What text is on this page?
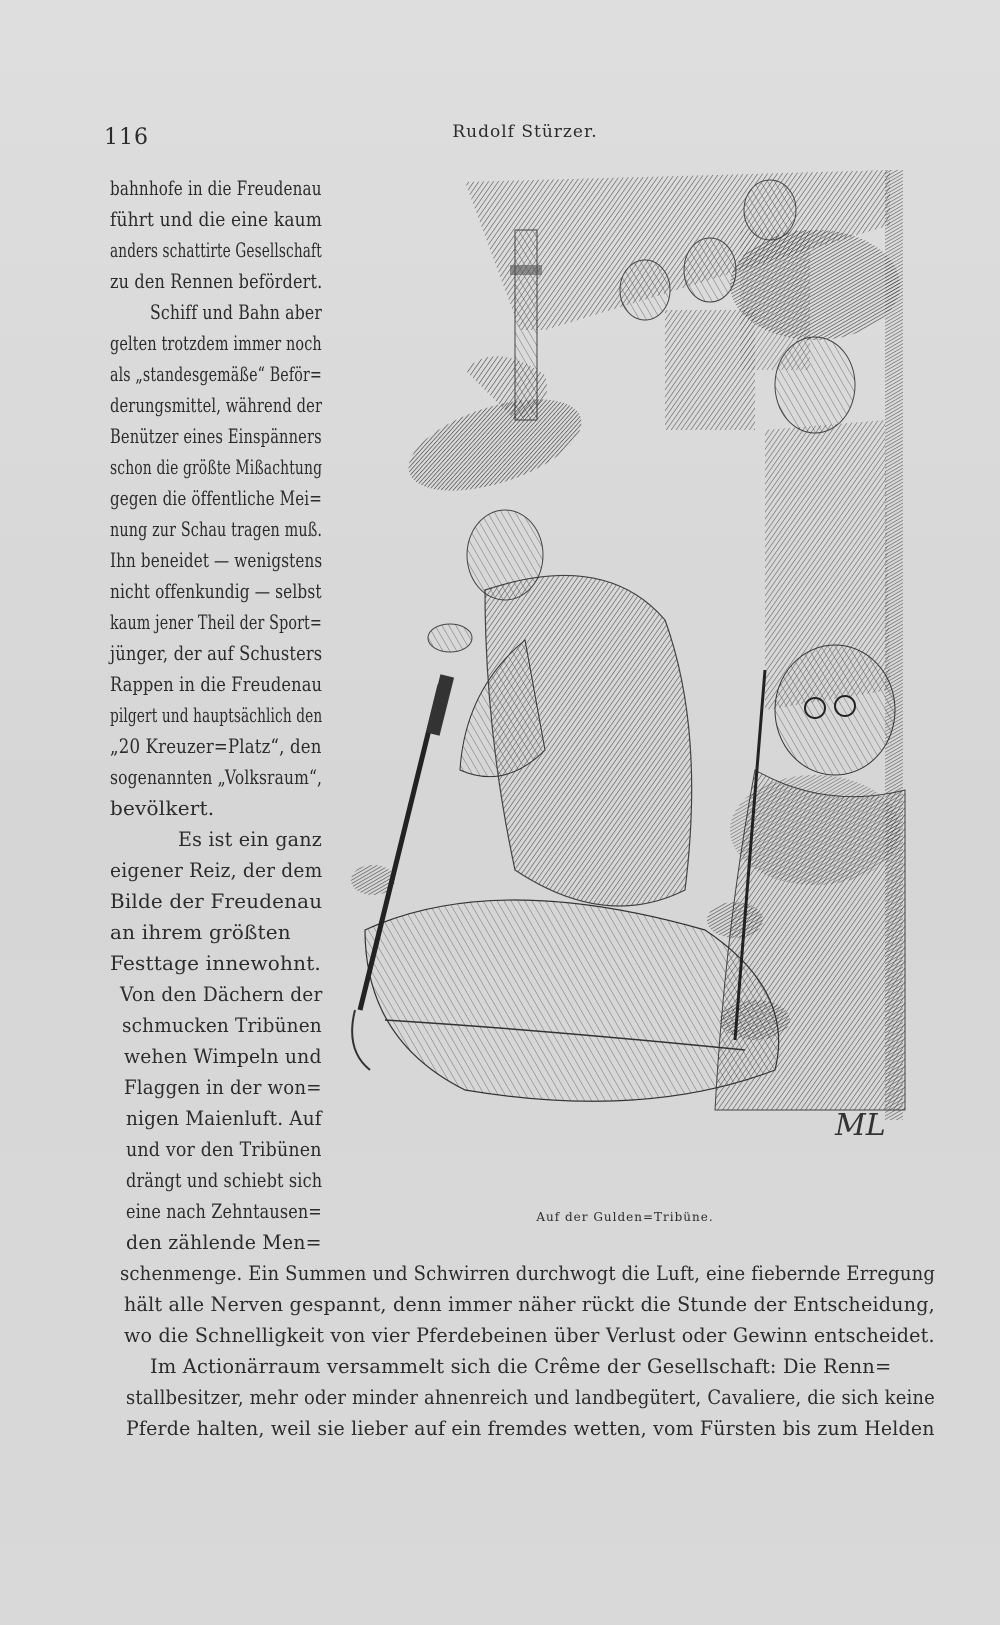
116	Rudolf Stürzer.
bahnhofe in die Freudenau
führt und die eine kaum
anders schattirte Gesellschaft
zu den Rennen befördert.
Schiff und Bahn aber
gelten trotzdem immer noch
als „standesgemäße“ Beför=
derungsmittel, während der
Benützer eines Einspänners
schon die größte Mißachtung
gegen die öffentliche Mei=
nung zur Schau tragen muß.
Ihn beneidet — wenigstens
nicht offenkundig — selbst
kaum jener Theil der Sport=
jünger, der auf Schusters
Rappen in die Freudenau
pilgert und hauptsächlich den
„20 Kreuzer=Platz“, den
sogenannten „Volksraum“,
bevölkert.
Es ist ein ganz
eigener Reiz, der dem
Bilde der Freudenau
an ihrem größten
Festtage innewohnt.
Von den Dächern der
schmucken Tribünen
wehen Wimpeln und
Flaggen in der won=
nigen Maienluft. Auf
und vor den Tribünen
drängt und schiebt sich
eine nach Zehntausen=
den zählende Men=
ML
Auf der Gulden=Tribüne.
schenmenge. Ein Summen und Schwirren durchwogt die Luft, eine fiebernde Erregung
hält alle Nerven gespannt, denn immer näher rückt die Stunde der Entscheidung,
wo die Schnelligkeit von vier Pferdebeinen über Verlust oder Gewinn entscheidet.
Im Actionärraum versammelt sich die Crême der Gesellschaft: Die Renn=
stallbesitzer, mehr oder minder ahnenreich und landbegütert, Cavaliere, die sich keine
Pferde halten, weil sie lieber auf ein fremdes wetten, vom Fürsten bis zum Helden
